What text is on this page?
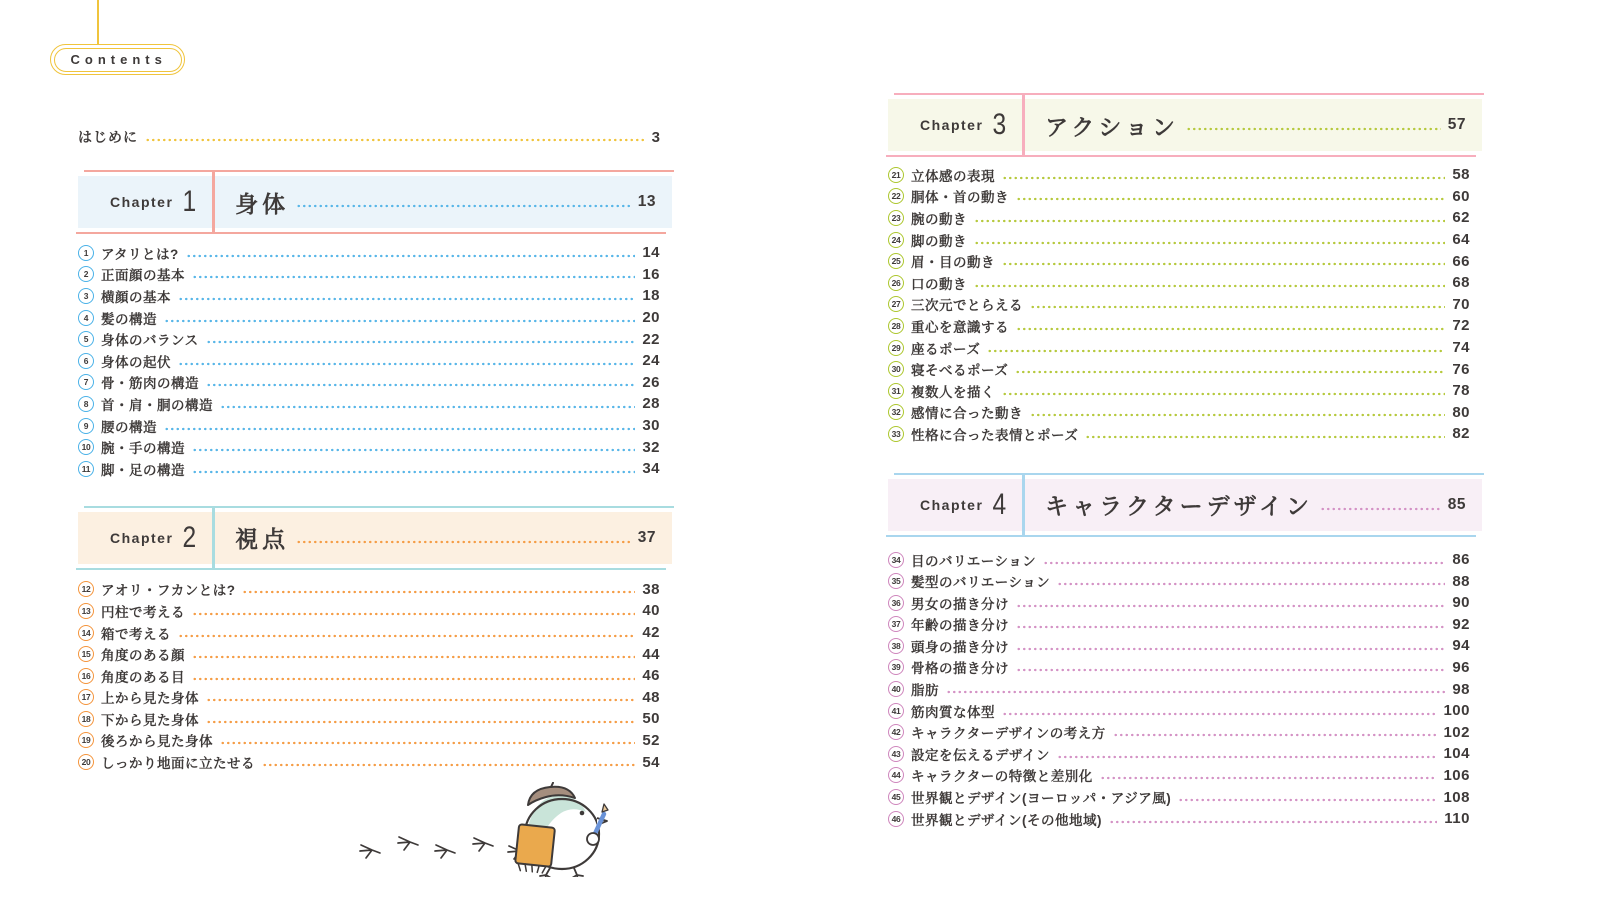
Contents
はじめに	3
Chapter 1 身体	13
1 アタリとは?	14
2 正面顔の基本	16
3 横顔の基本	18
4 髪の構造	20
5 身体のバランス	22
6 身体の起伏	24
7 骨・筋肉の構造	26
8 首・肩・胴の構造	28
9 腰の構造	30
10 腕・手の構造	32
11 脚・足の構造	34
Chapter 2 視点	37
12 アオリ・フカンとは?	38
13 円柱で考える	40
14 箱で考える	42
15 角度のある顔	44
16 角度のある目	46
17 上から見た身体	48
18 下から見た身体	50
19 後ろから見た身体	52
20 しっかり地面に立たせる	54
Chapter 3 アクション	57
21 立体感の表現	58
22 胴体・首の動き	60
23 腕の動き	62
24 脚の動き	64
25 眉・目の動き	66
26 口の動き	68
27 三次元でとらえる	70
28 重心を意識する	72
29 座るポーズ	74
30 寝そべるポーズ	76
31 複数人を描く	78
32 感情に合った動き	80
33 性格に合った表情とポーズ	82
Chapter 4 キャラクターデザイン	85
34 目のバリエーション	86
35 髪型のバリエーション	88
36 男女の描き分け	90
37 年齢の描き分け	92
38 頭身の描き分け	94
39 骨格の描き分け	96
40 脂肪	98
41 筋肉質な体型	100
42 キャラクターデザインの考え方	102
43 設定を伝えるデザイン	104
44 キャラクターの特徴と差別化	106
45 世界観とデザイン(ヨーロッパ・アジア風)	108
46 世界観とデザイン(その他地域)	110
